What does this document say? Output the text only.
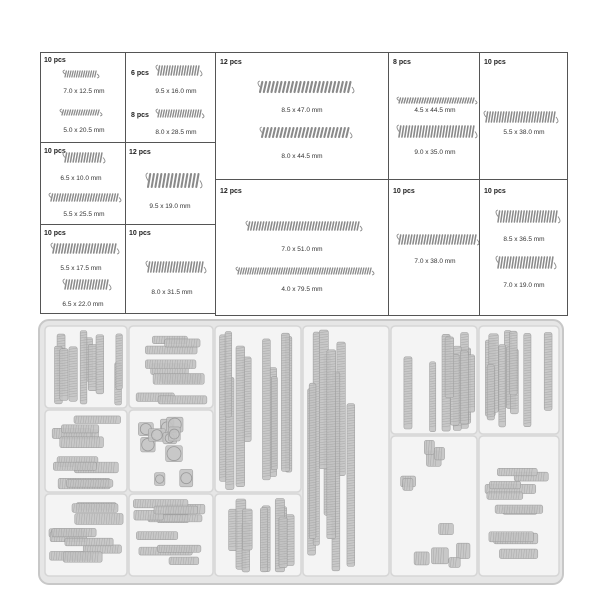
10 pcs
7.0 x 12.5 mm
5.0 x 20.5 mm
6 pcs
9.5 x 16.0 mm
8 pcs
8.0 x 28.5 mm
12 pcs
8.5 x 47.0 mm
8.0 x 44.5 mm
8 pcs
4.5 x 44.5 mm
9.0 x 35.0 mm
10 pcs
5.5 x 38.0 mm
10 pcs
6.5 x 10.0 mm
5.5 x 25.5 mm
12 pcs
9.5 x 19.0 mm
12 pcs
7.0 x 51.0 mm
4.0 x 79.5 mm
10 pcs
7.0 x 38.0 mm
10 pcs
8.5 x 36.5 mm
7.0 x 19.0 mm
10 pcs
5.5 x 17.5 mm
6.5 x 22.0 mm
10 pcs
8.0 x 31.5 mm
